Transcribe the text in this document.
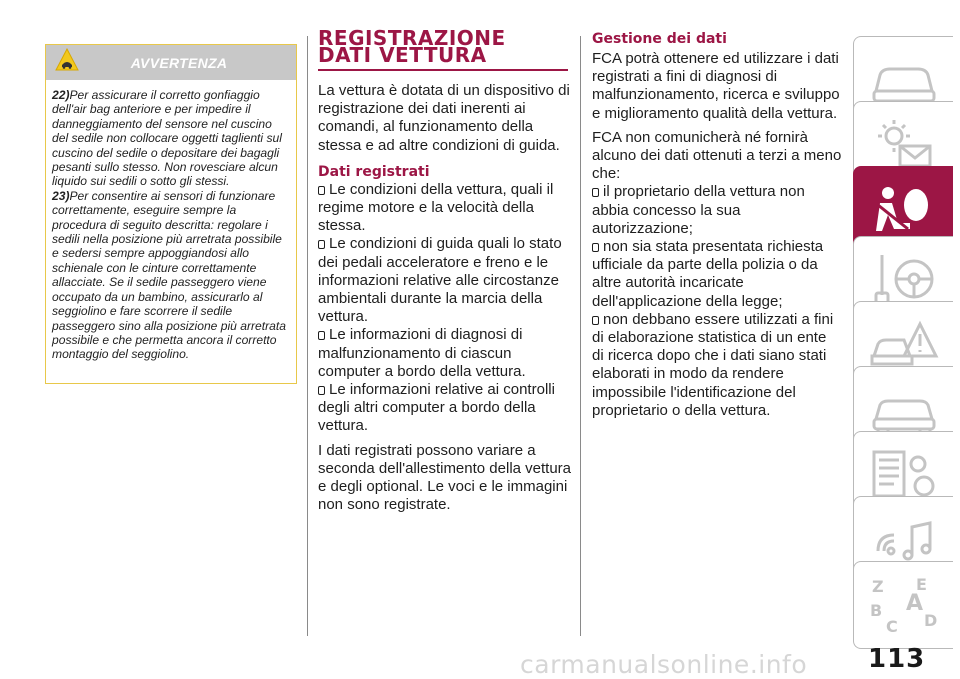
AVVERTENZA

22)Per assicurare il corretto gonfiaggio dell'air bag anteriore e per impedire il danneggiamento del sensore nel cuscino del sedile non collocare oggetti taglienti sul cuscino del sedile o depositare dei bagagli pesanti sullo stesso. Non rovesciare alcun liquido sui sedili o sotto gli stessi.

23)Per consentire ai sensori di funzionare correttamente, eseguire sempre la procedura di seguito descritta: regolare i sedili nella posizione più arretrata possibile e sedersi sempre appoggiandosi allo schienale con le cinture correttamente allacciate. Se il sedile passeggero viene occupato da un bambino, assicurarlo al seggiolino e fare scorrere il sedile passeggero sino alla posizione più arretrata possibile e che permetta ancora il corretto montaggio del seggiolino.

REGISTRAZIONE
DATI VETTURA

La vettura è dotata di un dispositivo di registrazione dei dati inerenti ai comandi, al funzionamento della stessa e ad altre condizioni di guida.

Dati registrati

Le condizioni della vettura, quali il regime motore e la velocità della stessa.

Le condizioni di guida quali lo stato dei pedali acceleratore e freno e le informazioni relative alle circostanze ambientali durante la marcia della vettura.

Le informazioni di diagnosi di malfunzionamento di ciascun computer a bordo della vettura.

Le informazioni relative ai controlli degli altri computer a bordo della vettura.

I dati registrati possono variare a seconda dell'allestimento della vettura e degli optional. Le voci e le immagini non sono registrate.

Gestione dei dati

FCA potrà ottenere ed utilizzare i dati registrati a fini di diagnosi di malfunzionamento, ricerca e sviluppo e miglioramento qualità della vettura.

FCA non comunicherà né fornirà alcuno dei dati ottenuti a terzi a meno che:

il proprietario della vettura non abbia concesso la sua autorizzazione;

non sia stata presentata richiesta ufficiale da parte della polizia o da altre autorità incaricate dell'applicazione della legge;

non debbano essere utilizzati a fini di elaborazione statistica di un ente di ricerca dopo che i dati siano stati elaborati in modo da rendere impossibile l'identificazione del proprietario o della vettura.

Z E
B A
C D
carmanualsonline.info 113
